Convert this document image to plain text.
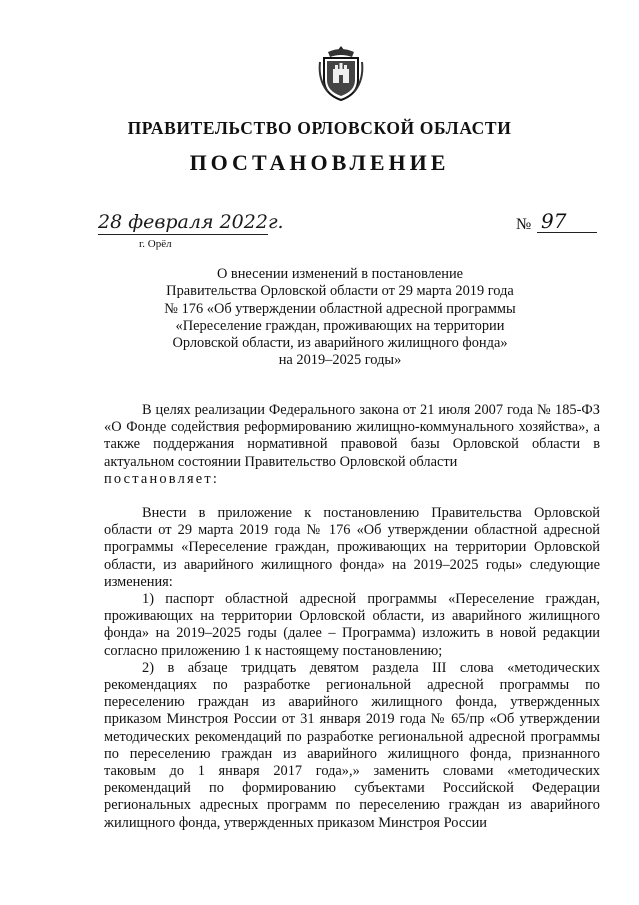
ПРАВИТЕЛЬСТВО ОРЛОВСКОЙ ОБЛАСТИ
ПОСТАНОВЛЕНИЕ
28 февраля 2022г.
г. Орёл
№ 97
О внесении изменений в постановление
Правительства Орловской области от 29 марта 2019 года
№ 176 «Об утверждении областной адресной программы
«Переселение граждан, проживающих на территории
Орловской области, из аварийного жилищного фонда»
на 2019–2025 годы»

В целях реализации Федерального закона от 21 июля 2007 года № 185-ФЗ «О Фонде содействия реформированию жилищно-коммунального хозяйства», а также поддержания нормативной правовой базы Орловской области в актуальном состоянии Правительство Орловской области

постановляет:

Внести в приложение к постановлению Правительства Орловской области от 29 марта 2019 года № 176 «Об утверждении областной адресной программы «Переселение граждан, проживающих на территории Орловской области, из аварийного жилищного фонда» на 2019–2025 годы» следующие изменения:

1) паспорт областной адресной программы «Переселение граждан, проживающих на территории Орловской области, из аварийного жилищного фонда» на 2019–2025 годы (далее – Программа) изложить в новой редакции согласно приложению 1 к настоящему постановлению;

2) в абзаце тридцать девятом раздела III слова «методических рекомендациях по разработке региональной адресной программы по переселению граждан из аварийного жилищного фонда, утвержденных приказом Минстроя России от 31 января 2019 года № 65/пр «Об утверждении методических рекомендаций по разработке региональной адресной программы по переселению граждан из аварийного жилищного фонда, признанного таковым до 1 января 2017 года»,» заменить словами «методических рекомендаций по формированию субъектами Российской Федерации региональных адресных программ по переселению граждан из аварийного жилищного фонда, утвержденных приказом Минстроя России
